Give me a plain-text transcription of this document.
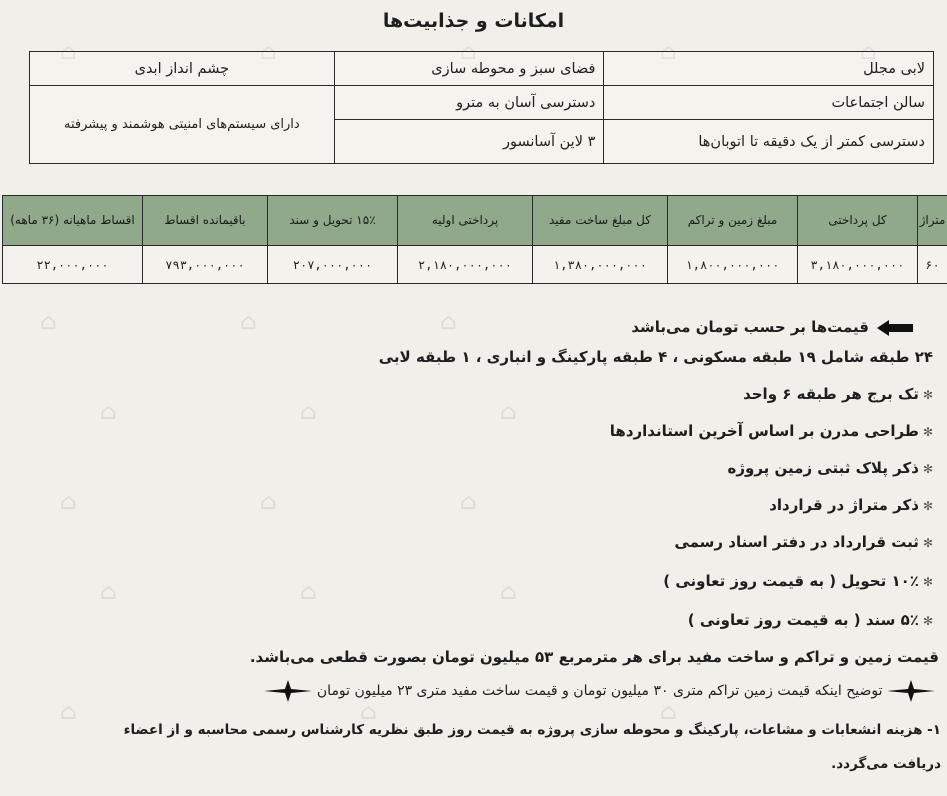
⌂	⌂	⌂	⌂	⌂
⌂	⌂	⌂
⌂	⌂	⌂
⌂	⌂	⌂
⌂	⌂	⌂
⌂	⌂	⌂
امکانات و جذابیت‌ها
لابی مجلل	فضای سبز و محوطه سازی	چشم انداز ابدی
سالن اجتماعات	دسترسی آسان به مترو	دارای سیستم‌های امنیتی هوشمند و پیشرفته
دسترسی کمتر از یک دقیقه تا اتوبان‌ها	۳ لاین آسانسور	
متراژ	کل پرداختی	مبلغ زمین و تراکم	کل مبلغ ساخت مفید	پرداختی اولیه	۱۵٪ تحویل و سند	باقیمانده اقساط	اقساط ماهیانه (۳۶ ماهه)
۶۰	۳,۱۸۰,۰۰۰,۰۰۰	۱,۸۰۰,۰۰۰,۰۰۰	۱,۳۸۰,۰۰۰,۰۰۰	۲,۱۸۰,۰۰۰,۰۰۰	۲۰۷,۰۰۰,۰۰۰	۷۹۳,۰۰۰,۰۰۰	۲۲,۰۰۰,۰۰۰
قیمت‌ها بر حسب تومان می‌باشد
۲۴ طبقه شامل ۱۹ طبقه مسکونی ، ۴ طبقه پارکینگ و انباری ، ۱ طبقه لابی
✻تک برج هر طبقه ۶ واحد
✻طراحی مدرن بر اساس آخرین استانداردها
✻ذکر پلاک ثبتی زمین پروژه
✻ذکر متراژ در قرارداد
✻ثبت قرارداد در دفتر اسناد رسمی
✻۱۰٪ تحویل ( به قیمت روز تعاونی )
✻۵٪ سند ( به قیمت روز تعاونی )
قیمت زمین و تراکم و ساخت مفید برای هر مترمربع ۵۳ میلیون تومان بصورت قطعی می‌باشد.
توضیح اینکه قیمت زمین تراکم متری ۳۰ میلیون تومان و قیمت ساخت مفید متری ۲۳ میلیون تومان
۱- هزینه انشعابات و مشاعات، پارکینگ و محوطه سازی پروژه به قیمت روز طبق نظریه کارشناس رسمی محاسبه و از اعضاء
دریافت می‌گردد.
